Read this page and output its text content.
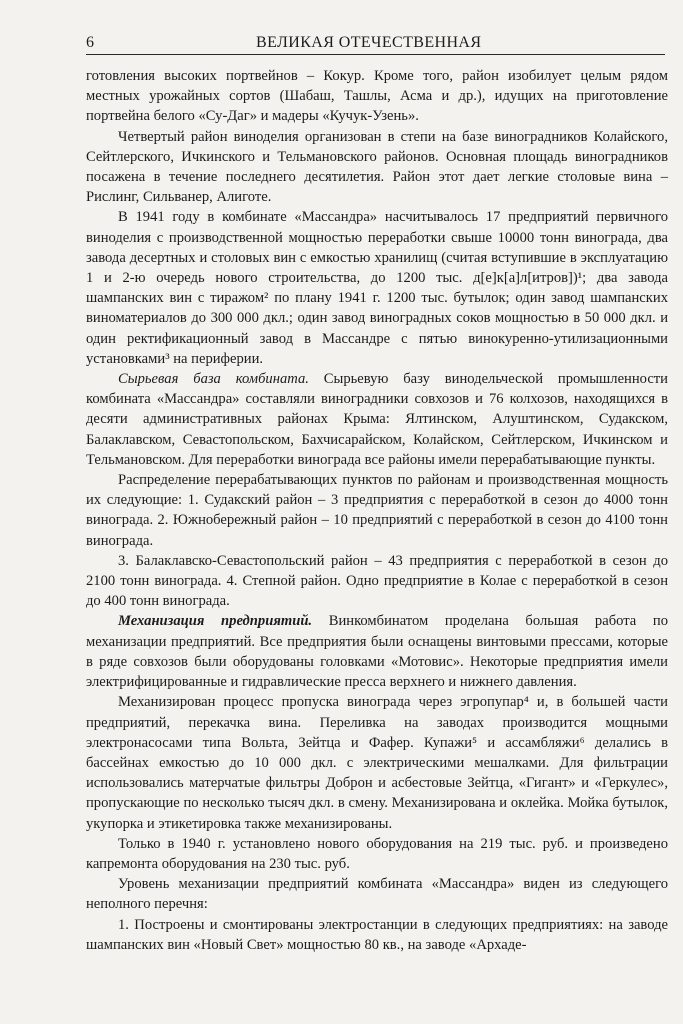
6	ВЕЛИКАЯ ОТЕЧЕСТВЕННАЯ

готовления высоких портвейнов – Кокур. Кроме того, район изобилует целым рядом местных урожайных сортов (Шабаш, Ташлы, Асма и др.), идущих на приготовление портвейна белого «Су-Даг» и мадеры «Кучук-Узень».

Четвертый район виноделия организован в степи на базе виноградников Колайского, Сейтлерского, Ичкинского и Тельмановского районов. Основная площадь виноградников посажена в течение последнего десятилетия. Район этот дает легкие столовые вина – Рислинг, Сильванер, Алиготе.

В 1941 году в комбинате «Массандра» насчитывалось 17 предприятий первичного виноделия с производственной мощностью переработки свыше 10000 тонн винограда, два завода десертных и столовых вин с емкостью хранилищ (считая вступившие в эксплуатацию 1 и 2-ю очередь нового строительства, до 1200 тыс. д[е]к[а]л[итров])¹; два завода шампанских вин с тиражом² по плану 1941 г. 1200 тыс. бутылок; один завод шампанских виноматериалов до 300 000 дкл.; один завод виноградных соков мощностью в 50 000 дкл. и один ректификационный завод в Массандре с пятью винокуренно-утилизационными установками³ на периферии.

Сырьевая база комбината. Сырьевую базу винодельческой промышленности комбината «Массандра» составляли виноградники совхозов и 76 колхозов, находящихся в десяти административных районах Крыма: Ялтинском, Алуштинском, Судакском, Балаклавском, Севастопольском, Бахчисарайском, Колайском, Сейтлерском, Ичкинском и Тельмановском. Для переработки винограда все районы имели перерабатывающие пункты.

Распределение перерабатывающих пунктов по районам и производственная мощность их следующие: 1. Судакский район – 3 предприятия с переработкой в сезон до 4000 тонн винограда. 2. Южнобережный район – 10 предприятий с переработкой в сезон до 4100 тонн винограда.

3. Балаклавско-Севастопольский район – 43 предприятия с переработкой в сезон до 2100 тонн винограда. 4. Степной район. Одно предприятие в Колае с переработкой в сезон до 400 тонн винограда.

Механизация предприятий. Винкомбинатом проделана большая работа по механизации предприятий. Все предприятия были оснащены винтовыми прессами, которые в ряде совхозов были оборудованы головками «Мотовис». Некоторые предприятия имели электрифицированные и гидравлические пресса верхнего и нижнего давления.

Механизирован процесс пропуска винограда через эгропупар⁴ и, в большей части предприятий, перекачка вина. Переливка на заводах производится мощными электронасосами типа Вольта, Зейтца и Фафер. Купажи⁵ и ассамбляжи⁶ делались в бассейнах емкостью до 10 000 дкл. с электрическими мешалками. Для фильтрации использовались матерчатые фильтры Доброн и асбестовые Зейтца, «Гигант» и «Геркулес», пропускающие по несколько тысяч дкл. в смену. Механизирована и оклейка. Мойка бутылок, укупорка и этикетировка также механизированы.

Только в 1940 г. установлено нового оборудования на 219 тыс. руб. и произведено капремонта оборудования на 230 тыс. руб.

Уровень механизации предприятий комбината «Массандра» виден из следующего неполного перечня:

1. Построены и смонтированы электростанции в следующих предприятиях: на заводе шампанских вин «Новый Свет» мощностью 80 кв., на заводе «Архаде-
